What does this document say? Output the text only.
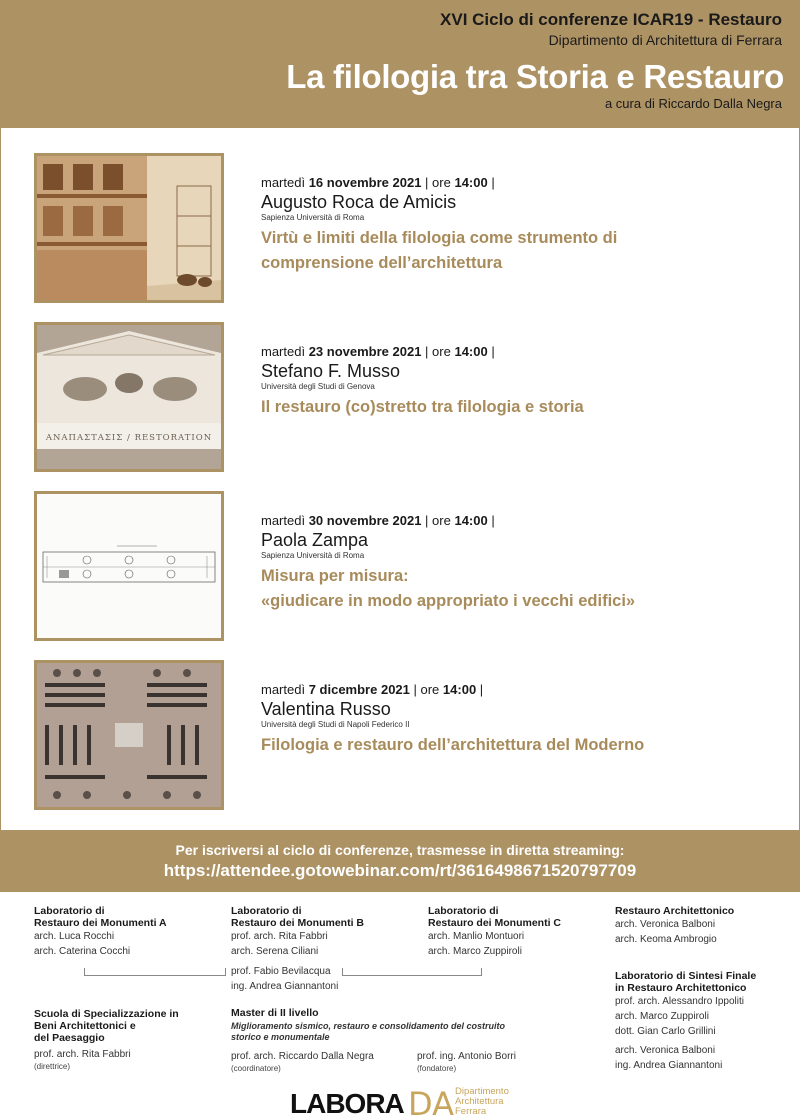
XVI Ciclo di conferenze ICAR19 - Restauro
Dipartimento di Architettura di Ferrara
La filologia tra Storia e Restauro
a cura di Riccardo Dalla Negra
martedì 16 novembre 2021 | ore 14:00 |
Augusto Roca de Amicis
Sapienza Università di Roma
Virtù e limiti della filologia come strumento di
comprensione dell’architettura
ΑΝΑΠΑΣΤΑΣΙΣ / RESTORATION
martedì 23 novembre 2021 | ore 14:00 |
Stefano F. Musso
Università degli Studi di Genova
Il restauro (co)stretto tra filologia e storia
martedì 30 novembre 2021 | ore 14:00 |
Paola Zampa
Sapienza Università di Roma
Misura per misura:
«giudicare in modo appropriato i vecchi edifici»
martedì 7 dicembre 2021 | ore 14:00 |
Valentina Russo
Università degli Studi di Napoli Federico II
Filologia e restauro dell’architettura del Moderno
Per iscriversi al ciclo di conferenze, trasmesse in diretta streaming:
https://attendee.gotowebinar.com/rt/3616498671520797709
Laboratorio di
Restauro dei Monumenti A
arch. Luca Rocchi
arch. Caterina Cocchi
Laboratorio di
Restauro dei Monumenti B
prof. arch. Rita Fabbri
arch. Serena Ciliani
Laboratorio di
Restauro dei Monumenti C
arch. Manlio Montuori
arch. Marco Zuppiroli
Restauro Architettonico
arch. Veronica Balboni
arch. Keoma Ambrogio
prof. Fabio Bevilacqua
ing. Andrea Giannantoni
Laboratorio di Sintesi Finale
in Restauro Architettonico
prof. arch. Alessandro Ippoliti
arch. Marco Zuppiroli
dott. Gian Carlo Grillini
arch. Veronica Balboni
ing. Andrea Giannantoni
Scuola di Specializzazione in
Beni Architettonici e
del Paesaggio
prof. arch. Rita Fabbri
(direttrice)
Master di II livello
Miglioramento sismico, restauro e consolidamento del costruito
storico e monumentale
prof. arch. Riccardo Dalla Negra
(coordinatore)
prof. ing. Antonio Borri
(fondatore)
LABORA DA Dipartimento
Architettura
Ferrara
